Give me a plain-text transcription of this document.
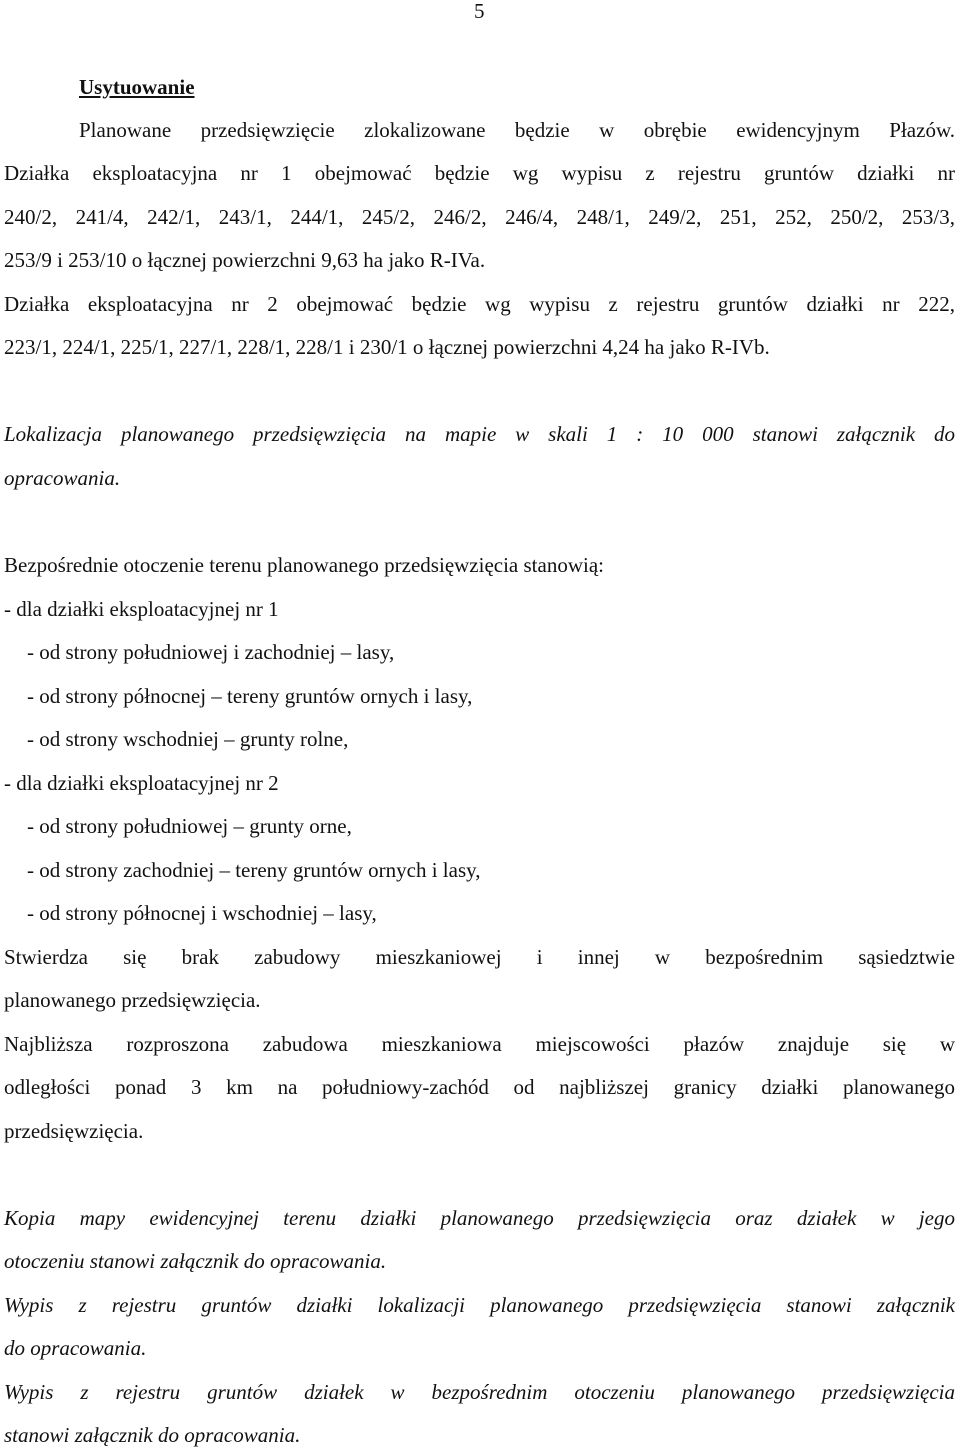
5
Usytuowanie
Planowane przedsięwzięcie zlokalizowane będzie w obrębie ewidencyjnym Płazów.
Działka eksploatacyjna nr 1 obejmować będzie wg wypisu z rejestru gruntów działki nr
240/2, 241/4, 242/1, 243/1, 244/1, 245/2, 246/2, 246/4, 248/1, 249/2, 251, 252, 250/2, 253/3,
253/9 i 253/10 o łącznej powierzchni 9,63 ha jako R-IVa.
Działka eksploatacyjna nr 2 obejmować będzie wg wypisu z rejestru gruntów działki nr 222,
223/1, 224/1, 225/1, 227/1, 228/1, 228/1 i 230/1 o łącznej powierzchni 4,24 ha jako R-IVb.
Lokalizacja planowanego przedsięwzięcia na mapie w skali 1 : 10 000 stanowi załącznik do
opracowania.
Bezpośrednie otoczenie terenu planowanego przedsięwzięcia stanowią:
- dla działki eksploatacyjnej nr 1
- od strony południowej i zachodniej – lasy,
- od strony północnej – tereny gruntów ornych i lasy,
- od strony wschodniej – grunty rolne,
- dla działki eksploatacyjnej nr 2
- od strony południowej – grunty orne,
- od strony zachodniej – tereny gruntów ornych i lasy,
- od strony północnej i wschodniej – lasy,
Stwierdza się brak zabudowy mieszkaniowej i innej w bezpośrednim sąsiedztwie
planowanego przedsięwzięcia.
Najbliższa rozproszona zabudowa mieszkaniowa miejscowości płazów znajduje się w
odległości ponad 3 km na południowy-zachód od najbliższej granicy działki planowanego
przedsięwzięcia.
Kopia mapy ewidencyjnej terenu działki planowanego przedsięwzięcia oraz działek w jego
otoczeniu stanowi załącznik do opracowania.
Wypis z rejestru gruntów działki lokalizacji planowanego przedsięwzięcia stanowi załącznik
do opracowania.
Wypis z rejestru gruntów działek w bezpośrednim otoczeniu planowanego przedsięwzięcia
stanowi załącznik do opracowania.
